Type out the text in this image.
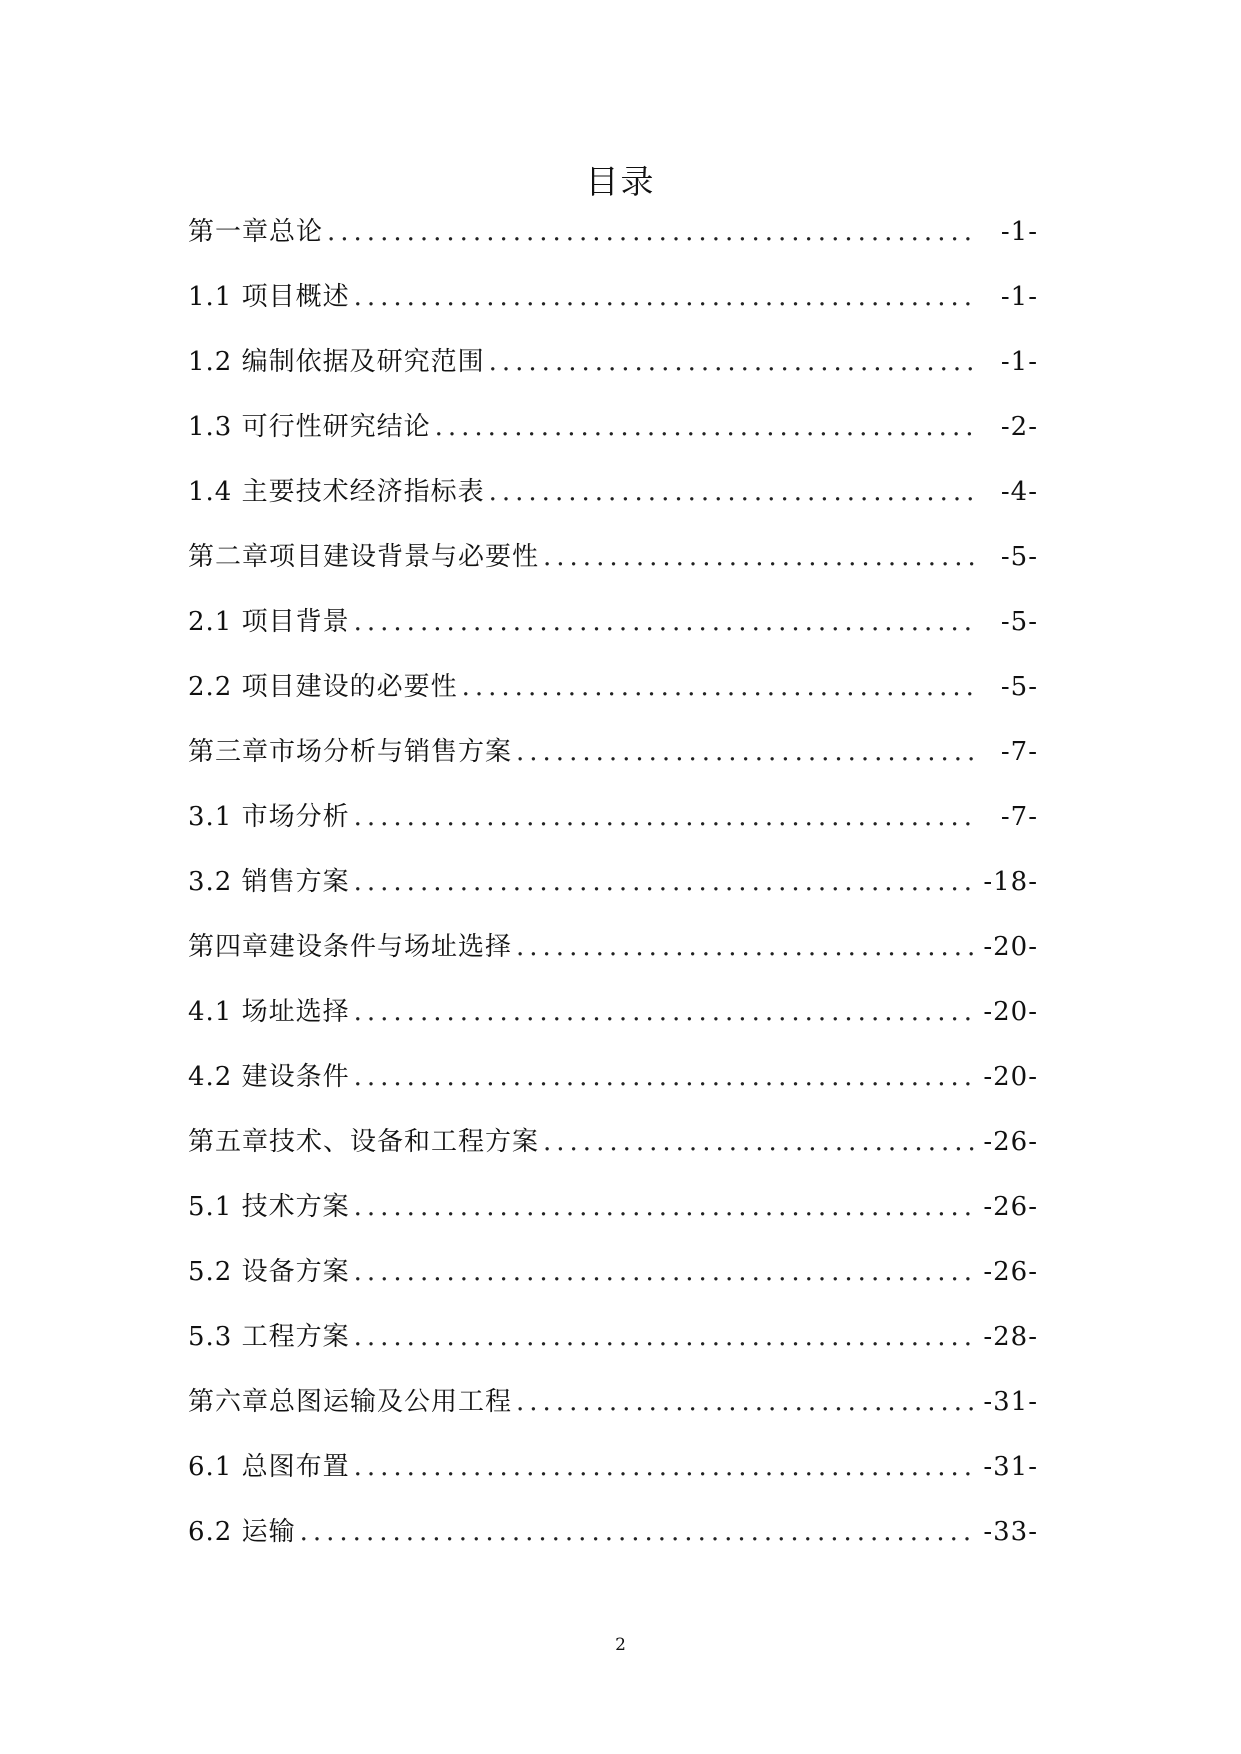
目录
第一章总论 .....	-1-
1.1 项目概述 .....	-1-
1.2 编制依据及研究范围 .....	-1-
1.3 可行性研究结论 .....	-2-
1.4 主要技术经济指标表 .....	-4-
第二章项目建设背景与必要性 .....	-5-
2.1 项目背景 .....	-5-
2.2 项目建设的必要性 .....	-5-
第三章市场分析与销售方案 .....	-7-
3.1 市场分析 .....	-7-
3.2 销售方案 .....	-18-
第四章建设条件与场址选择 .....	-20-
4.1 场址选择 .....	-20-
4.2 建设条件 .....	-20-
第五章技术、设备和工程方案 .....	-26-
5.1 技术方案 .....	-26-
5.2 设备方案 .....	-26-
5.3 工程方案 .....	-28-
第六章总图运输及公用工程 .....	-31-
6.1 总图布置 .....	-31-
6.2 运输 .....	-33-
2
